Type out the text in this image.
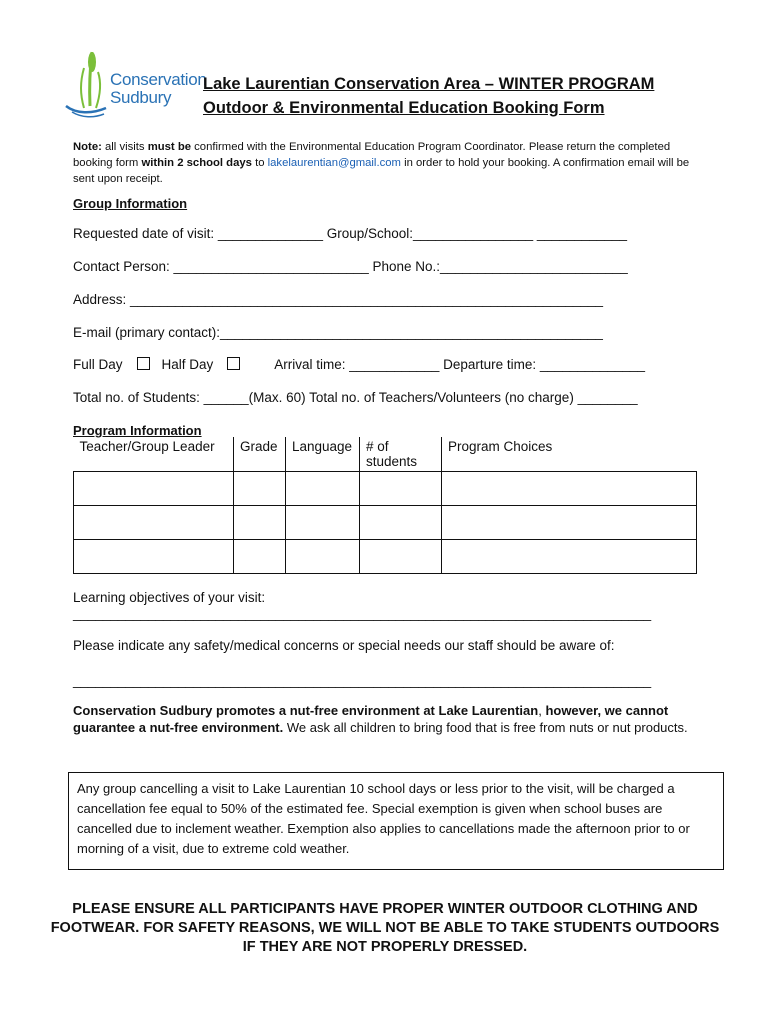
Conservation
Sudbury
Lake Laurentian Conservation Area – WINTER PROGRAM
Outdoor & Environmental Education Booking Form
Note: all visits must be confirmed with the Environmental Education Program Coordinator. Please return the completed booking form within 2 school days to lakelaurentian@gmail.com in order to hold your booking. A confirmation email will be sent upon receipt.
Group Information
Requested date of visit: ______________ Group/School:________________ ____________
Contact Person: __________________________ Phone No.:_________________________
Address: _______________________________________________________________
E-mail (primary contact):___________________________________________________
Full Day	Half Day	Arrival time: ____________ Departure time: ______________
Total no. of Students: ______(Max. 60) Total no. of Teachers/Volunteers (no charge) ________
Program Information
Teacher/Group Leader	Grade	Language	# of students	Program Choices

Learning objectives of your visit:
_____________________________________________________________________________
Please indicate any safety/medical concerns or special needs our staff should be aware of:
_____________________________________________________________________________
Conservation Sudbury promotes a nut-free environment at Lake Laurentian, however, we cannot guarantee a nut-free environment. We ask all children to bring food that is free from nuts or nut products.
Any group cancelling a visit to Lake Laurentian 10 school days or less prior to the visit, will be charged a cancellation fee equal to 50% of the estimated fee. Special exemption is given when school buses are cancelled due to inclement weather. Exemption also applies to cancellations made the afternoon prior to or morning of a visit, due to extreme cold weather.
PLEASE ENSURE ALL PARTICIPANTS HAVE PROPER WINTER OUTDOOR CLOTHING AND FOOTWEAR. FOR SAFETY REASONS, WE WILL NOT BE ABLE TO TAKE STUDENTS OUTDOORS IF THEY ARE NOT PROPERLY DRESSED.
